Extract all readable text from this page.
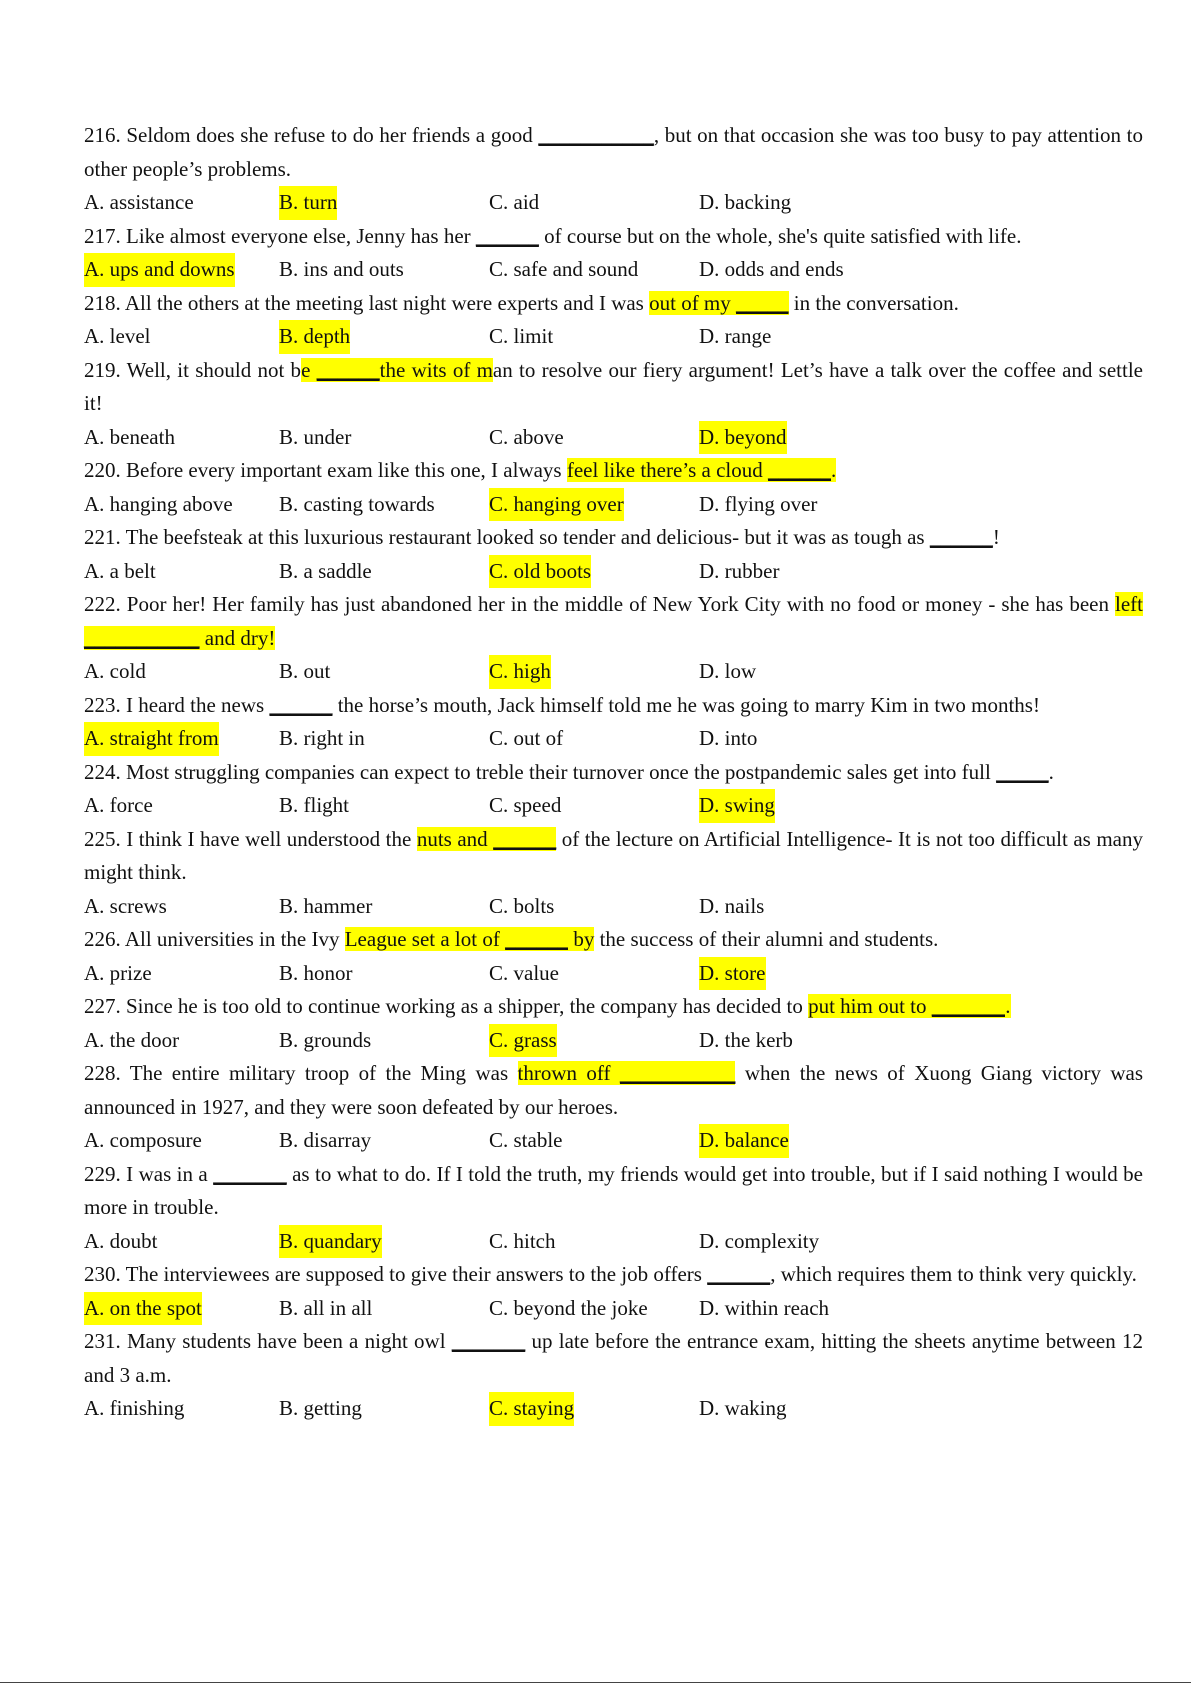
216. Seldom does she refuse to do her friends a good ___________, but on that occasion she was too busy to pay attention to other people’s problems.
A. assistance	B. turn	C. aid	D. backing
217. Like almost everyone else, Jenny has her ______ of course but on the whole, she's quite satisfied with life.
A. ups and downs B. ins and outs	C. safe and sound	D. odds and ends
218. All the others at the meeting last night were experts and I was out of my _____ in the conversation.
A. level	B. depth	C. limit	D. range
219. Well, it should not be ______the wits of man to resolve our fiery argument! Let’s have a talk over the coffee and settle it!
A. beneath	B. under	C. above	D. beyond
220. Before every important exam like this one, I always feel like there’s a cloud ______.
A. hanging above B. casting towards	C. hanging over	D. flying over
221. The beefsteak at this luxurious restaurant looked so tender and delicious- but it was as tough as ______!
A. a belt	B. a saddle	C. old boots	D. rubber
222. Poor her! Her family has just abandoned her in the middle of New York City with no food or money - she has been left ___________ and dry!
A. cold	B. out	C. high	D. low
223. I heard the news ______ the horse’s mouth, Jack himself told me he was going to marry Kim in two months!
A. straight from	B. right in	C. out of	D. into
224. Most struggling companies can expect to treble their turnover once the postpandemic sales get into full _____.
A. force	B. flight	C. speed	D. swing
225. I think I have well understood the nuts and ______ of the lecture on Artificial Intelligence- It is not too difficult as many might think.
A. screws	B. hammer	C. bolts	D. nails
226. All universities in the Ivy League set a lot of ______ by the success of their alumni and students.
A. prize	B. honor	C. value	D. store
227. Since he is too old to continue working as a shipper, the company has decided to put him out to _______.
A. the door	B. grounds	C. grass	D. the kerb
228. The entire military troop of the Ming was thrown off ___________ when the news of Xuong Giang victory was announced in 1927, and they were soon defeated by our heroes.
A. composure	B. disarray	C. stable	D. balance
229. I was in a _______ as to what to do. If I told the truth, my friends would get into trouble, but if I said nothing I would be more in trouble.
A. doubt	B. quandary	C. hitch	D. complexity
230. The interviewees are supposed to give their answers to the job offers ______, which requires them to think very quickly.
A. on the spot	B. all in all	C. beyond the joke D. within reach
231. Many students have been a night owl _______ up late before the entrance exam, hitting the sheets anytime between 12 and 3 a.m.
A. finishing	B. getting	C. staying	D. waking
